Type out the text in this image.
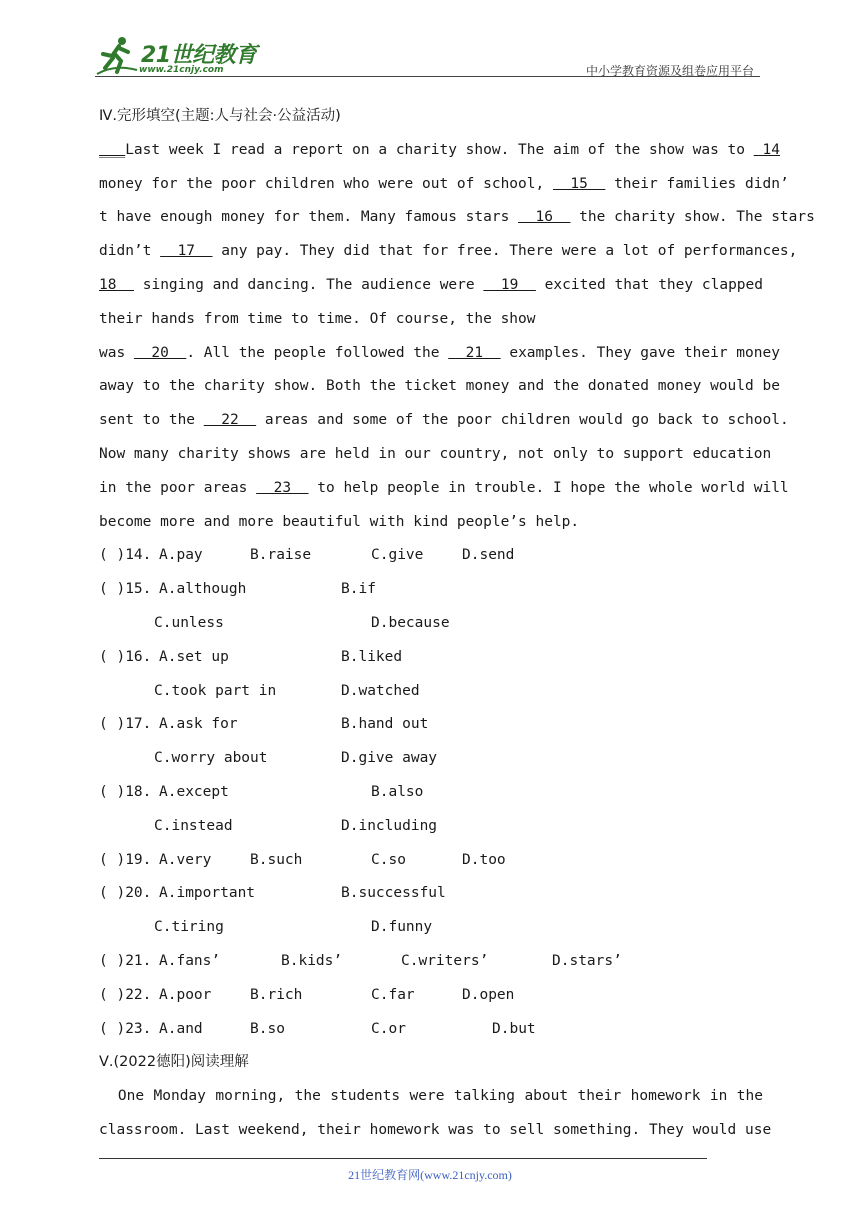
21世纪教育
www.21cnjy.com	中小学教育资源及组卷应用平台
Ⅳ.完形填空(主题:人与社会·公益活动)
___Last week I read a report on a charity show. The aim of the show was to  14
money for the poor children who were out of school,   15   their families didn’
t have enough money for them. Many famous stars   16   the charity show. The stars
didn’t   17   any pay. They did that for free. There were a lot of performances,
18   singing and dancing. The audience were   19   excited that they clapped
their hands from time to time. Of course, the show
was   20  . All the people followed the   21   examples. They gave their money
away to the charity show. Both the ticket money and the donated money would be
sent to the   22   areas and some of the poor children would go back to school.
Now many charity shows are held in our country, not only to support education
in the poor areas   23   to help people in trouble. I hope the whole world will
become more and more beautiful with kind people’s help.
( )14. A.pay	B.raise	C.give	D.send
( )15. A.although	B.if
C.unless	D.because
( )16. A.set up	B.liked
C.took part in	D.watched
( )17. A.ask for	B.hand out
C.worry about	D.give away
( )18. A.except	B.also
C.instead	D.including
( )19. A.very	B.such	C.so	D.too
( )20. A.important	B.successful
C.tiring	D.funny
( )21. A.fans’	B.kids’	C.writers’	D.stars’
( )22. A.poor	B.rich	C.far	D.open
( )23. A.and	B.so	C.or	D.but
Ⅴ.(2022德阳)阅读理解
One Monday morning, the students were talking about their homework in the
classroom. Last weekend, their homework was to sell something. They would use
21世纪教育网(www.21cnjy.com)
